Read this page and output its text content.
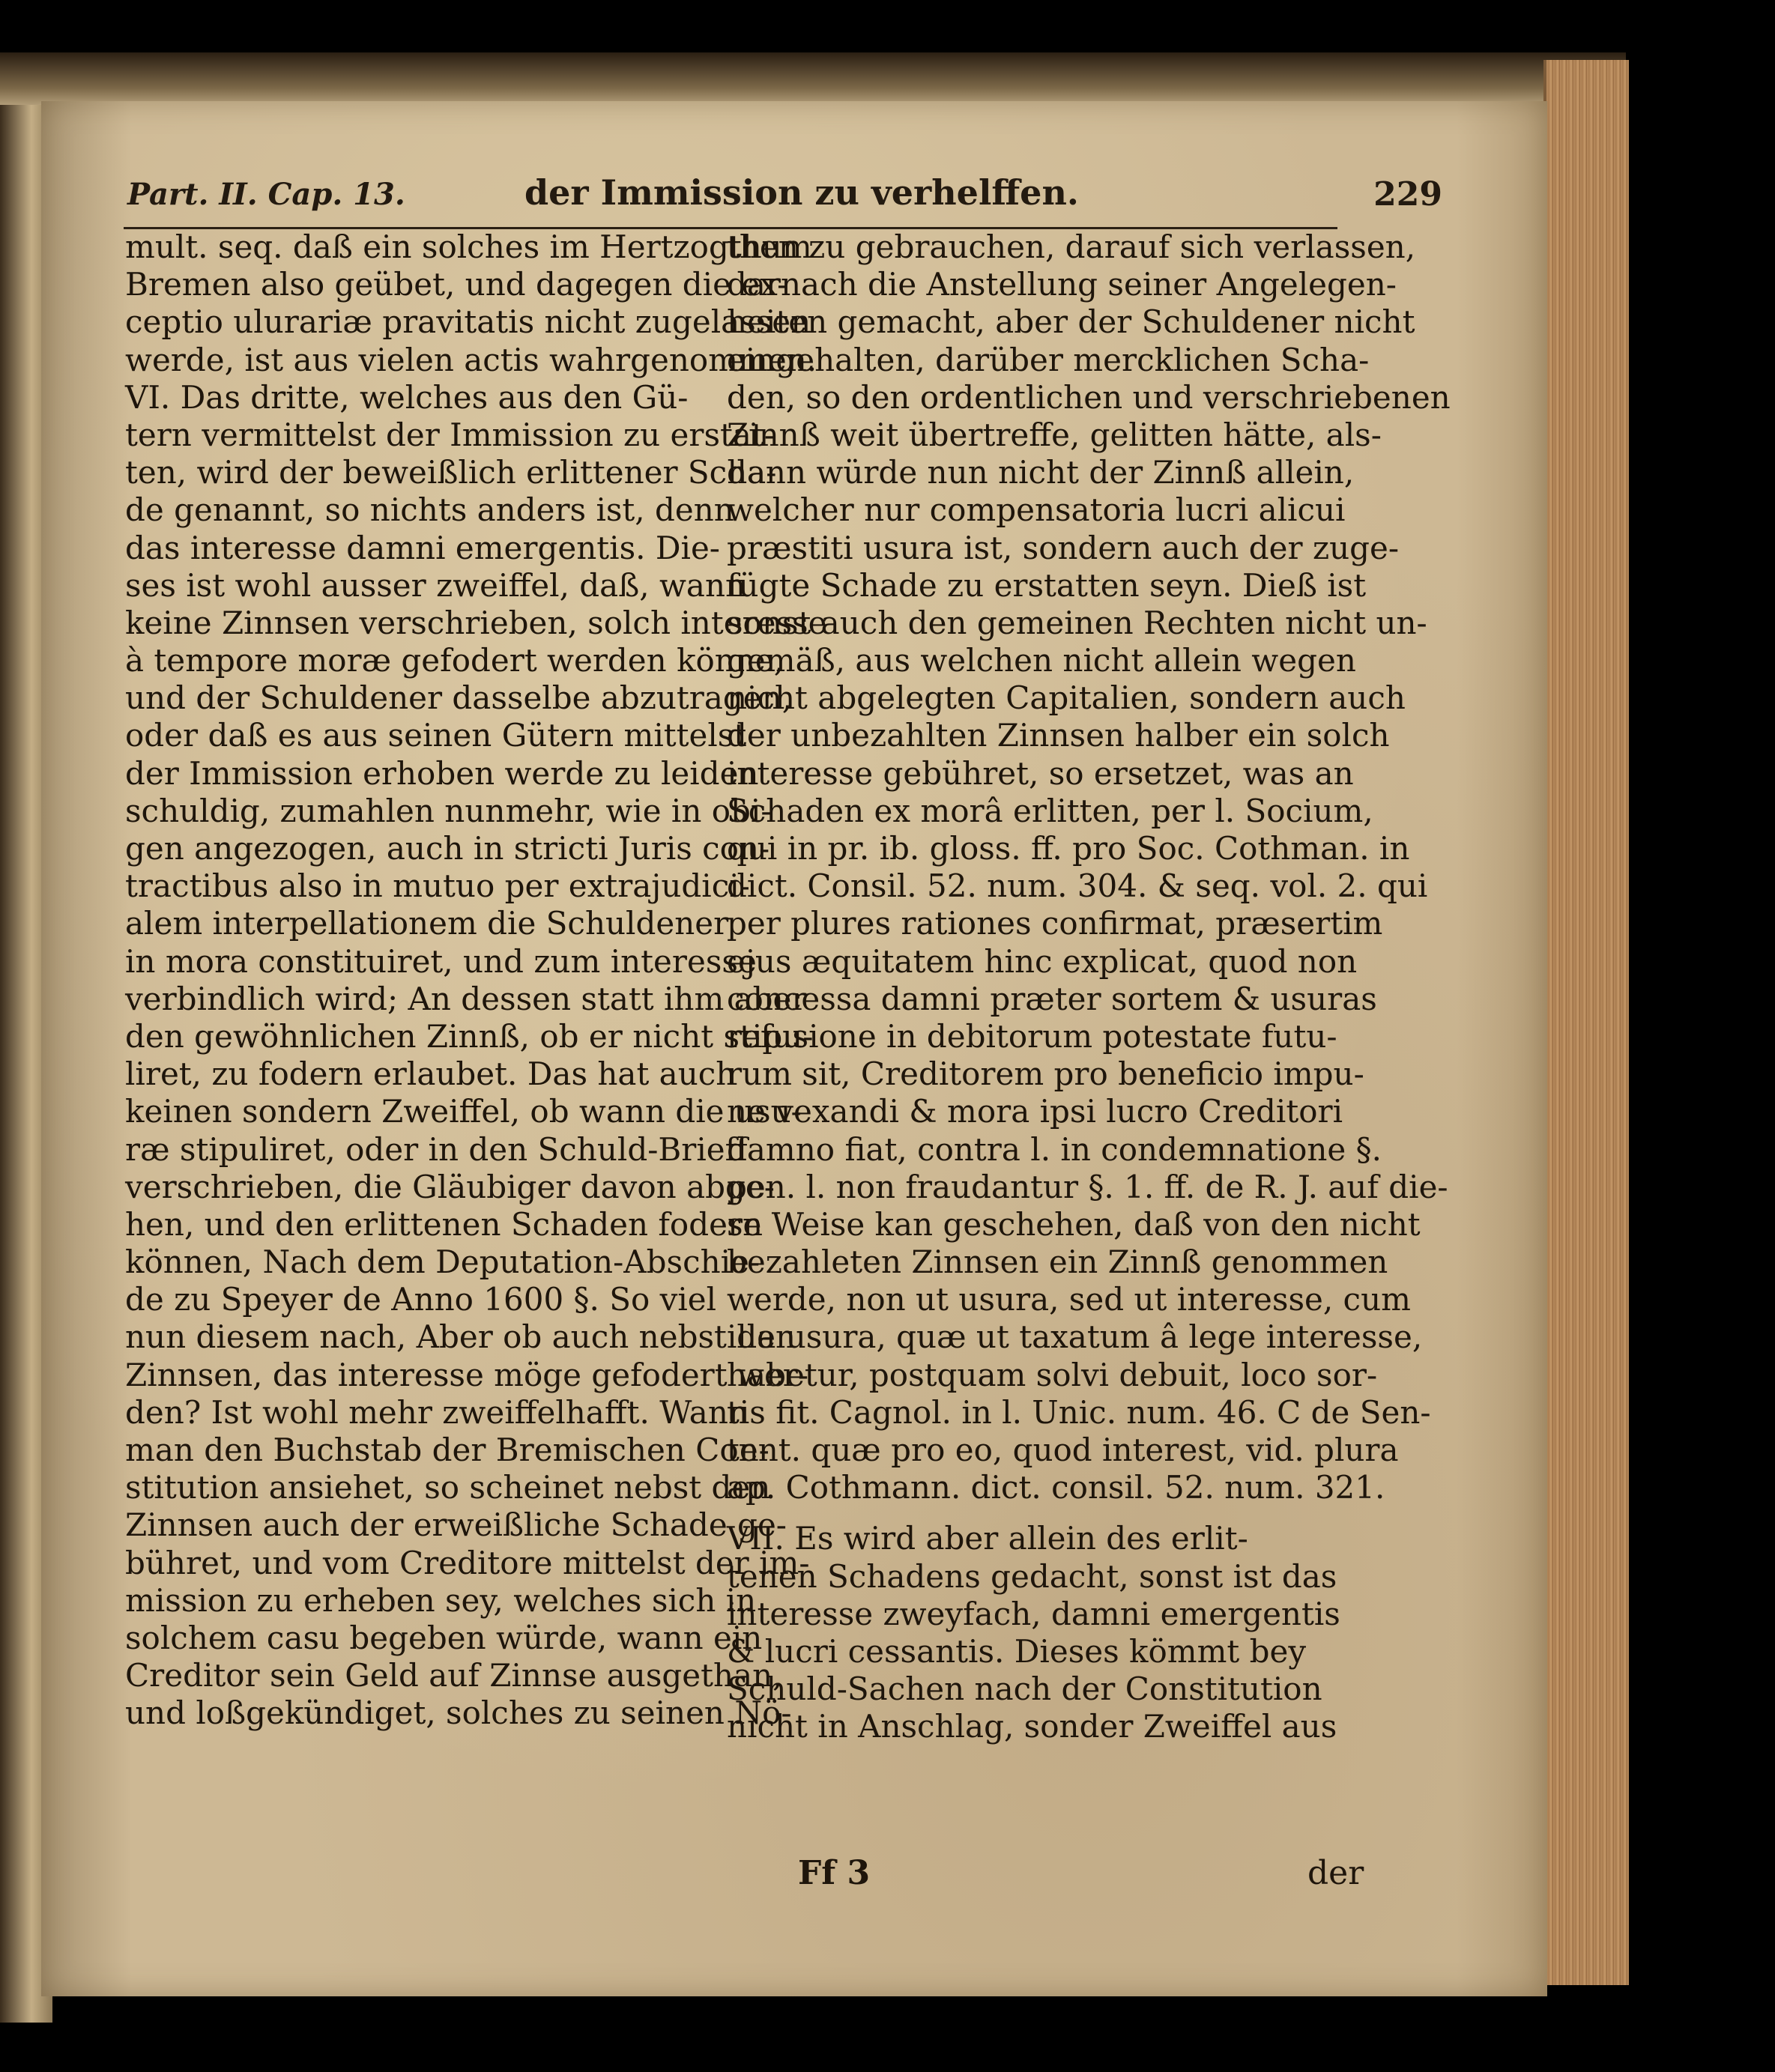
Part. II. Cap. 13.	der Immission zu verhelffen.	229
mult. seq. daß ein solches im Hertzogthum
Bremen also geübet, und dagegen die ex-
ceptio ulurariæ pravitatis nicht zugelassen
werde, ist aus vielen actis wahrgenommen.
VI. Das dritte, welches aus den Gü-
tern vermittelst der Immission zu erstat-
ten, wird der beweißlich erlittener Scha-
de genannt, so nichts anders ist, denn
das interesse damni emergentis. Die-
ses ist wohl ausser zweiffel, daß, wann
keine Zinnsen verschrieben, solch interesse
à tempore moræ gefodert werden könne,
und der Schuldener dasselbe abzutragen,
oder daß es aus seinen Gütern mittelst
der Immission erhoben werde zu leiden
schuldig, zumahlen nunmehr, wie in obi-
gen angezogen, auch in stricti Juris con-
tractibus also in mutuo per extrajudici-
alem interpellationem die Schuldener
in mora constituiret, und zum interesse
verbindlich wird; An dessen statt ihm aber
den gewöhnlichen Zinnß, ob er nicht stipu-
liret, zu fodern erlaubet. Das hat auch
keinen sondern Zweiffel, ob wann die usu-
ræ stipuliret, oder in den Schuld-Brieff
verschrieben, die Gläubiger davon abge-
hen, und den erlittenen Schaden fodern
können, Nach dem Deputation-Abschie-
de zu Speyer de Anno 1600 §. So viel
nun diesem nach, Aber ob auch nebst den
Zinnsen, das interesse möge gefodert wer-
den? Ist wohl mehr zweiffelhafft. Wann
man den Buchstab der Bremischen Con-
stitution ansiehet, so scheinet nebst den
Zinnsen auch der erweißliche Schade ge-
bühret, und vom Creditore mittelst der im-
mission zu erheben sey, welches sich in
solchem casu begeben würde, wann ein
Creditor sein Geld auf Zinnse ausgethan,
und loßgekündiget, solches zu seinen Nö-
then zu gebrauchen, darauf sich verlassen,
darnach die Anstellung seiner Angelegen-
heiten gemacht, aber der Schuldener nicht
eingehalten, darüber mercklichen Scha-
den, so den ordentlichen und verschriebenen
Zinnß weit übertreffe, gelitten hätte, als-
dann würde nun nicht der Zinnß allein,
welcher nur compensatoria lucri alicui
præstiti usura ist, sondern auch der zuge-
fügte Schade zu erstatten seyn. Dieß ist
sonst auch den gemeinen Rechten nicht un-
gemäß, aus welchen nicht allein wegen
nicht abgelegten Capitalien, sondern auch
der unbezahlten Zinnsen halber ein solch
interesse gebühret, so ersetzet, was an
Schaden ex morâ erlitten, per l. Socium,
qui in pr. ib. gloss. ff. pro Soc. Cothman. in
dict. Consil. 52. num. 304. & seq. vol. 2. qui
per plures rationes confirmat, præsertim
ejus æquitatem hinc explicat, quod non
concessa damni præter sortem & usuras
refusione in debitorum potestate futu-
rum sit, Creditorem pro beneficio impu-
ne vexandi & mora ipsi lucro Creditori
damno fiat, contra l. in condemnatione §.
pen. l. non fraudantur §. 1. ff. de R. J. auf die-
se Weise kan geschehen, daß von den nicht
bezahleten Zinnsen ein Zinnß genommen
werde, non ut usura, sed ut interesse, cum
illa usura, quæ ut taxatum â lege interesse,
habetur, postquam solvi debuit, loco sor-
tis fit. Cagnol. in l. Unic. num. 46. C de Sen-
tent. quæ pro eo, quod interest, vid. plura
ap. Cothmann. dict. consil. 52. num. 321.
VII. Es wird aber allein des erlit-
tenen Schadens gedacht, sonst ist das
interesse zweyfach, damni emergentis
& lucri cessantis. Dieses kömmt bey
Schuld-Sachen nach der Constitution
nicht in Anschlag, sonder Zweiffel aus
Ff 3	der
